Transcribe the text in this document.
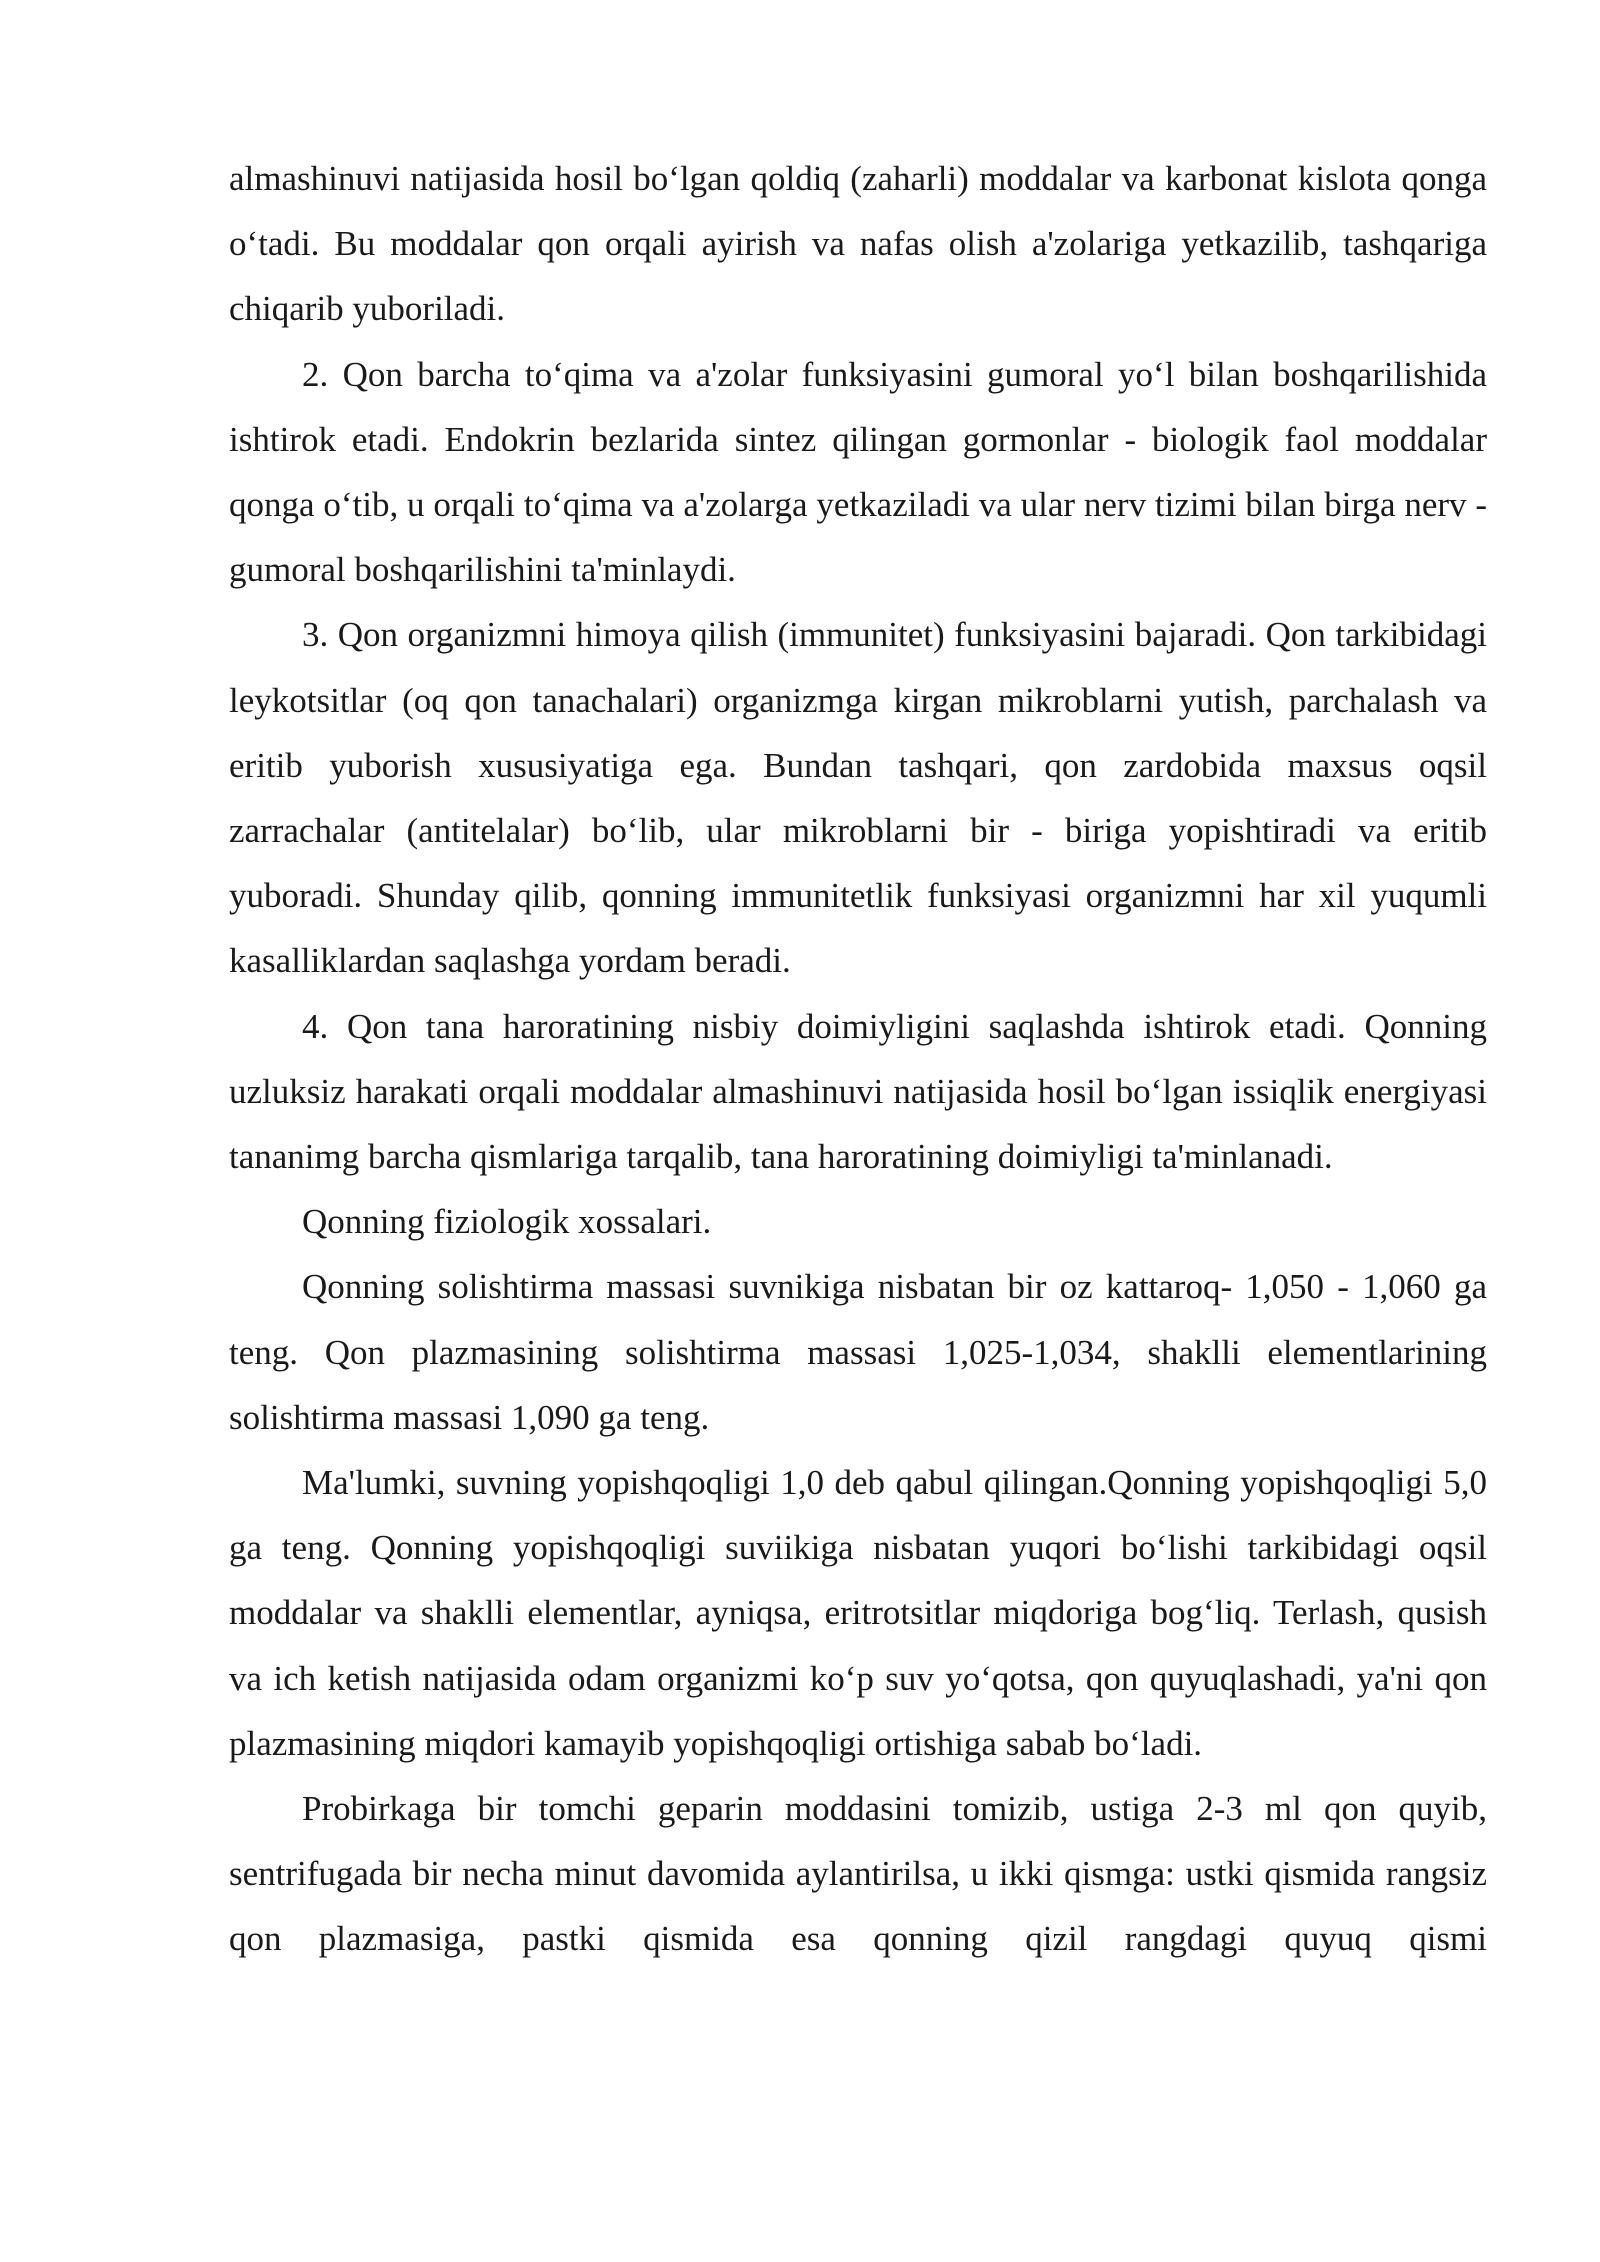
almashinuvi natijasida hosil bo‘lgan qoldiq (zaharli) moddalar va karbonat kislota qonga o‘tadi. Bu moddalar qon orqali ayirish va nafas olish a'zolariga yetkazilib, tashqariga chiqarib yuboriladi.

2. Qon barcha to‘qima va a'zolar funksiyasini gumoral yo‘l bilan boshqarilishida ishtirok etadi. Endokrin bezlarida sintez qilingan gormonlar - biologik faol moddalar qonga o‘tib, u orqali to‘qima va a'zolarga yetkaziladi va ular nerv tizimi bilan birga nerv - gumoral boshqarilishini ta'minlaydi.

3. Qon organizmni himoya qilish (immunitet) funksiyasini bajaradi. Qon tarkibidagi leykotsitlar (oq qon tanachalari) organizmga kirgan mikroblarni yutish, parchalash va eritib yuborish xususiyatiga ega. Bundan tashqari, qon zardobida maxsus oqsil zarrachalar (antitelalar) bo‘lib, ular mikroblarni bir - biriga yopishtiradi va eritib yuboradi. Shunday qilib, qonning immunitetlik funksiyasi organizmni har xil yuqumli kasalliklardan saqlashga yordam beradi.

4. Qon tana haroratining nisbiy doimiyligini saqlashda ishtirok etadi. Qonning uzluksiz harakati orqali moddalar almashinuvi natijasida hosil bo‘lgan issiqlik energiyasi tananimg barcha qismlariga tarqalib, tana haroratining doimiyligi ta'minlanadi.

Qonning fiziologik xossalari.

Qonning solishtirma massasi suvnikiga nisbatan bir oz kattaroq- 1,050 - 1,060 ga teng. Qon plazmasining solishtirma massasi 1,025-1,034, shaklli elementlarining solishtirma massasi 1,090 ga teng.

Ma'lumki, suvning yopishqoqligi 1,0 deb qabul qilingan.Qonning yopishqoqligi 5,0 ga teng. Qonning yopishqoqligi suviikiga nisbatan yuqori bo‘lishi tarkibidagi oqsil moddalar va shaklli elementlar, ayniqsa, eritrotsitlar miqdoriga bog‘liq. Terlash, qusish va ich ketish natijasida odam organizmi ko‘p suv yo‘qotsa, qon quyuqlashadi, ya'ni qon plazmasining miqdori kamayib yopishqoqligi ortishiga sabab bo‘ladi.

Probirkaga bir tomchi geparin moddasini tomizib, ustiga 2-3 ml qon quyib, sentrifugada bir necha minut davomida aylantirilsa, u ikki qismga: ustki qismida rangsiz qon plazmasiga, pastki qismida esa qonning qizil rangdagi quyuq qismi
